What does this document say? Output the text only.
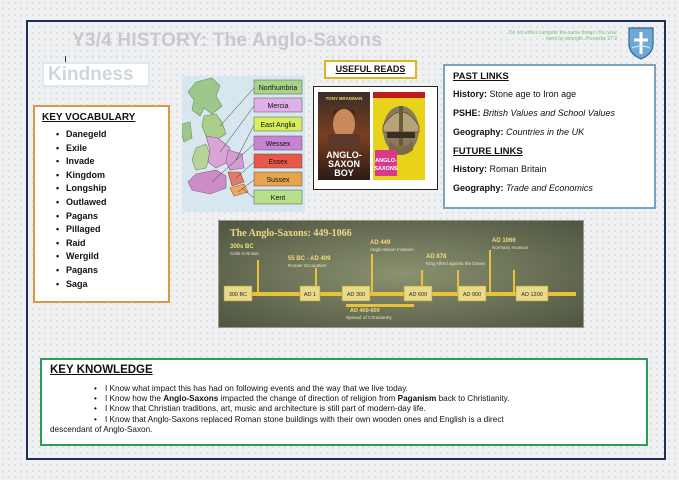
Y3/4 HISTORY: The Anglo-Saxons
Kindness
Do not either compete the same things: You your merit by strength. Proverbs 27:3
KEY VOCABULARY
• Danegeld
• Exile
• Invade
• Kingdom
• Longship
• Outlawed
• Pagans
• Pillaged
• Raid
• Wergild
• Pagans
• Saga
Northumbria
Mercia
East Anglia
Wessex
Essex
Sussex
Kent
USEFUL READS
TONY BRADMAN
ANGLO-
SAXON
BOY
ANGLO-
SAXONS
PAST LINKS

History: Stone age to Iron age

PSHE: British Values and School Values

Geography: Countries in the UK

FUTURE LINKS

History: Roman Britain

Geography: Trade and Economics

The Anglo-Saxons: 449-1066
300s BC
Celts in Britain
55 BC - AD 409
Roman Occupation
AD 449
Anglo-Saxon Invasion
AD 878
King Alfred against the Danes
AD 1066
Normans Invasion
300 BC	AD 1	AD 300	AD 600	AD 900	AD 1200
AD 400-600
Spread of Christianity
KEY KNOWLEDGE
• I Know what impact this has had on following events and the way that we live today.
• I Know how the Anglo-Saxons impacted the change of direction of religion from Paganism back to Christianity.
• I Know that Christian traditions, art, music and architecture is still part of modern-day life.
• I Know that Anglo-Saxons replaced Roman stone buildings with their own wooden ones and English is a direct
descendant of Anglo-Saxon.
